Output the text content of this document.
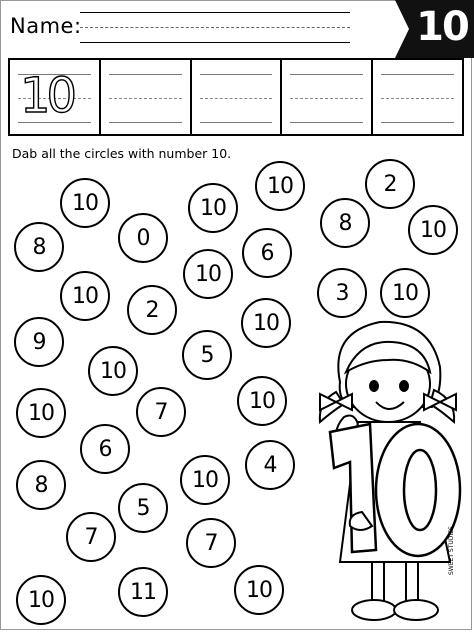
Name:	10
10
Dab all the circles with number 10.
10	10
10	2
8	0
8	10
6
10
10
2
3	10
10
9
5
10
10
7
10
6
10
4
8
5
7	7
10	11	10
SWEET STUDIES
